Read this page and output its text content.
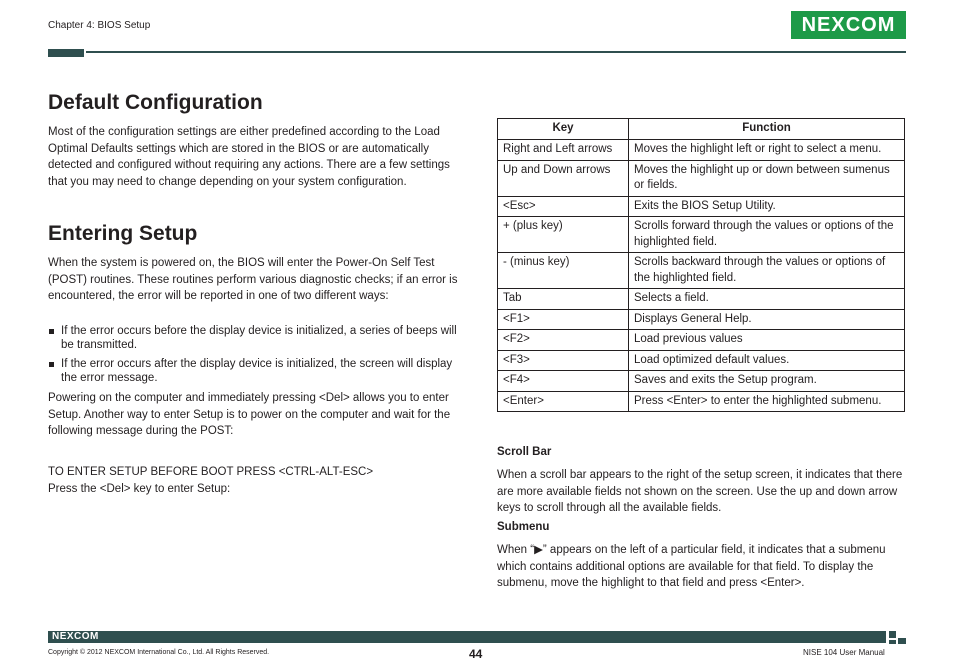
Chapter 4: BIOS Setup	NEXCOM
Default Configuration
Most of the configuration settings are either predefined according to the Load Optimal Defaults settings which are stored in the BIOS or are automatically detected and configured without requiring any actions. There are a few settings that you may need to change depending on your system configuration.
Entering Setup
When the system is powered on, the BIOS will enter the Power-On Self Test (POST) routines. These routines perform various diagnostic checks; if an error is encountered, the error will be reported in one of two different ways:
If the error occurs before the display device is initialized, a series of beeps will be transmitted.
If the error occurs after the display device is initialized, the screen will display the error message.
Powering on the computer and immediately pressing <Del> allows you to enter Setup. Another way to enter Setup is to power on the computer and wait for the following message during the POST:
TO ENTER SETUP BEFORE BOOT PRESS <CTRL-ALT-ESC>
Press the <Del> key to enter Setup:
Key	Function
Right and Left arrows	Moves the highlight left or right to select a menu.
Up and Down arrows	Moves the highlight up or down between sumenus or fields.
<Esc>	Exits the BIOS Setup Utility.
+ (plus key)	Scrolls forward through the values or options of the highlighted field.
- (minus key)	Scrolls backward through the values or options of the highlighted field.
Tab	Selects a field.
<F1>	Displays General Help.
<F2>	Load previous values
<F3>	Load optimized default values.
<F4>	Saves and exits the Setup program.
<Enter>	Press <Enter> to enter the highlighted submenu.
Scroll Bar
When a scroll bar appears to the right of the setup screen, it indicates that there are more available fields not shown on the screen. Use the up and down arrow keys to scroll through all the available fields.
Submenu
When “▶” appears on the left of a particular field, it indicates that a submenu which contains additional options are available for that field. To display the submenu, move the highlight to that field and press <Enter>.
NEXCOM
Copyright © 2012 NEXCOM International Co., Ltd. All Rights Reserved.	44	NISE 104 User Manual
